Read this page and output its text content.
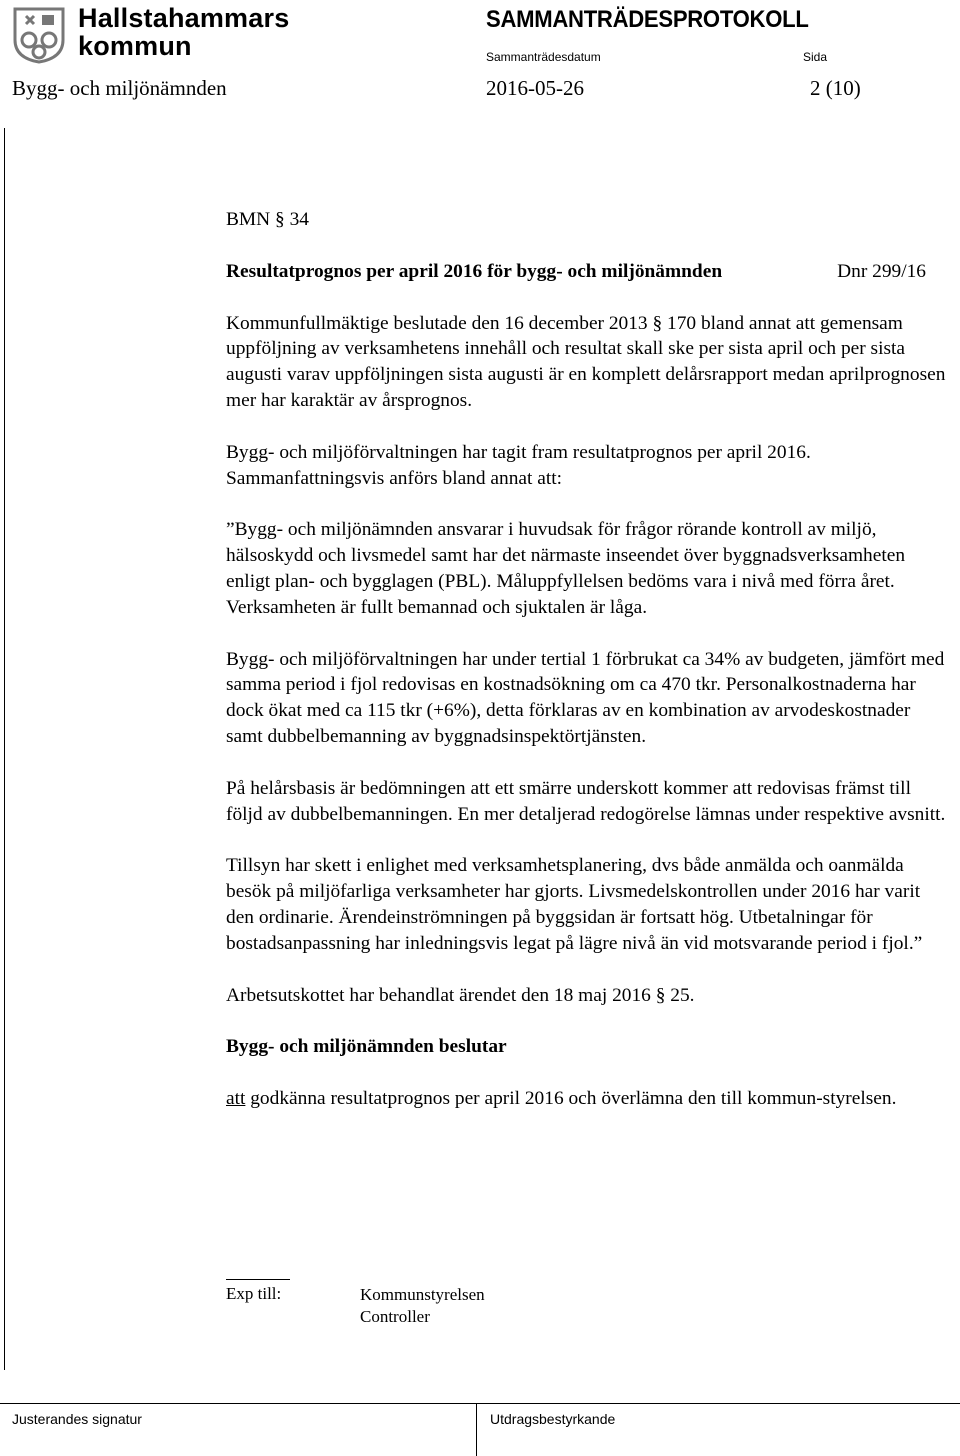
Hallstahammars
kommun
SAMMANTRÄDESPROTOKOLL
Sammanträdesdatum	Sida
Bygg- och miljönämnden	2016-05-26	2 (10)

BMN § 34

Resultatprognos per april 2016 för bygg- och miljönämnden	Dnr 299/16

Kommunfullmäktige beslutade den 16 december 2013 § 170 bland annat att gemensam uppföljning av verksamhetens innehåll och resultat skall ske per sista april och per sista augusti varav uppföljningen sista augusti är en komplett delårsrapport medan aprilprognosen mer har karaktär av årsprognos.

Bygg- och miljöförvaltningen har tagit fram resultatprognos per april 2016. Sammanfattningsvis anförs bland annat att:

”Bygg- och miljönämnden ansvarar i huvudsak för frågor rörande kontroll av miljö, hälsoskydd och livsmedel samt har det närmaste inseendet över byggnadsverksamheten enligt plan- och bygglagen (PBL). Måluppfyllelsen bedöms vara i nivå med förra året. Verksamheten är fullt bemannad och sjuktalen är låga.

Bygg- och miljöförvaltningen har under tertial 1 förbrukat ca 34% av budgeten, jämfört med samma period i fjol redovisas en kostnadsökning om ca 470 tkr. Personalkostnaderna har dock ökat med ca 115 tkr (+6%), detta förklaras av en kombination av arvodeskostnader samt dubbelbemanning av byggnadsinspektörtjänsten.

På helårsbasis är bedömningen att ett smärre underskott kommer att redovisas främst till följd av dubbelbemanningen. En mer detaljerad redogörelse lämnas under respektive avsnitt.

Tillsyn har skett i enlighet med verksamhetsplanering, dvs både anmälda och oanmälda besök på miljöfarliga verksamheter har gjorts. Livsmedelskontrollen under 2016 har varit den ordinarie. Ärendeinströmningen på byggsidan är fortsatt hög. Utbetalningar för bostadsanpassning har inledningsvis legat på lägre nivå än vid motsvarande period i fjol.”

Arbetsutskottet har behandlat ärendet den 18 maj 2016 § 25.

Bygg- och miljönämnden beslutar

att godkänna resultatprognos per april 2016 och överlämna den till kommun-styrelsen.

Exp till:	Kommunstyrelsen
Controller
Justerandes signatur	Utdragsbestyrkande
